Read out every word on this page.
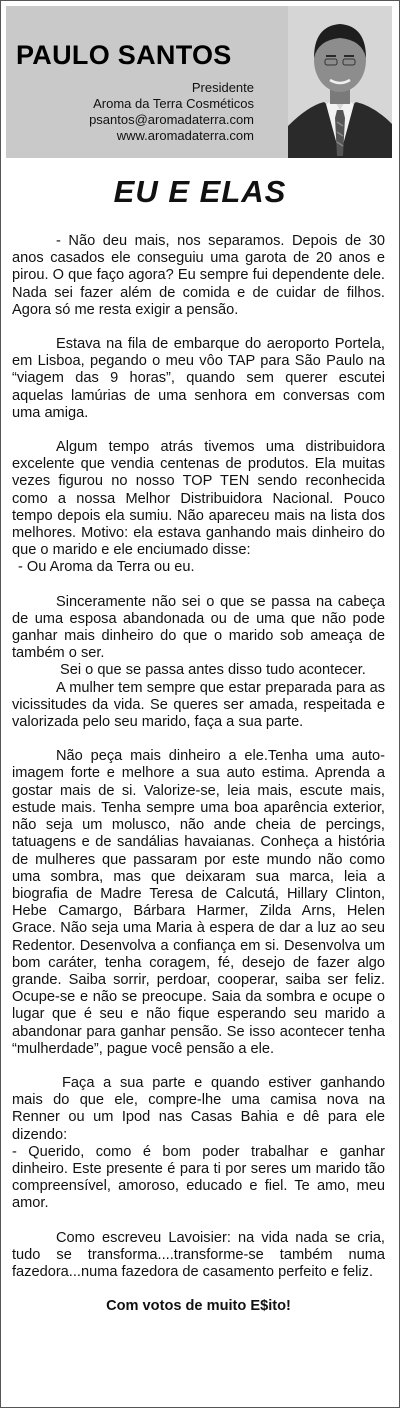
PAULO SANTOS
Presidente
Aroma da Terra Cosméticos
psantos@aromadaterra.com
www.aromadaterra.com
EU E ELAS

- Não deu mais, nos separamos. Depois de 30 anos casados ele conseguiu uma garota de 20 anos e pirou. O que faço agora? Eu sempre fui dependente dele. Nada sei fazer além de comida e de cuidar de filhos. Agora só me resta exigir a pensão.

Estava na fila de embarque do aeroporto Portela, em Lisboa, pegando o meu vôo TAP para São Paulo na “viagem das 9 horas”, quando sem querer escutei aquelas lamúrias de uma senhora em conversas com uma amiga.

Algum tempo atrás tivemos uma distribuidora excelente que vendia centenas de produtos. Ela muitas vezes figurou no nosso TOP TEN sendo reconhecida como a nossa Melhor Distribuidora Nacional. Pouco tempo depois ela sumiu. Não apareceu mais na lista dos melhores. Motivo: ela estava ganhando mais dinheiro do que o marido e ele enciumado disse:

- Ou Aroma da Terra ou eu.

Sinceramente não sei o que se passa na cabeça de uma esposa abandonada ou de uma que não pode ganhar mais dinheiro do que o marido sob ameaça de também o ser.

Sei o que se passa antes disso tudo acontecer.

A mulher tem sempre que estar preparada para as vicissitudes da vida. Se queres ser amada, respeitada e valorizada pelo seu marido, faça a sua parte.

Não peça mais dinheiro a ele.Tenha uma auto-imagem forte e melhore a sua auto estima. Aprenda a gostar mais de si. Valorize-se, leia mais, escute mais, estude mais. Tenha sempre uma boa aparência exterior, não seja um molusco, não ande cheia de percings, tatuagens e de sandálias havaianas. Conheça a história de mulheres que passaram por este mundo não como uma sombra, mas que deixaram sua marca, leia a biografia de Madre Teresa de Calcutá, Hillary Clinton, Hebe Camargo, Bárbara Harmer, Zilda Arns, Helen Grace. Não seja uma Maria à espera de dar a luz ao seu Redentor. Desenvolva a confiança em si. Desenvolva um bom caráter, tenha coragem, fé, desejo de fazer algo grande. Saiba sorrir, perdoar, cooperar, saiba ser feliz. Ocupe-se e não se preocupe. Saia da sombra e ocupe o lugar que é seu e não fique esperando seu marido a abandonar para ganhar pensão. Se isso acontecer tenha “mulherdade”, pague você pensão a ele.

Faça a sua parte e quando estiver ganhando mais do que ele, compre-lhe uma camisa nova na Renner ou um Ipod nas Casas Bahia e dê para ele dizendo:

- Querido, como é bom poder trabalhar e ganhar dinheiro. Este presente é para ti por seres um marido tão compreensível, amoroso, educado e fiel. Te amo, meu amor.

Como escreveu Lavoisier: na vida nada se cria, tudo se transforma....transforme-se também numa fazedora...numa fazedora de casamento perfeito e feliz.

Com votos de muito E$ito!
